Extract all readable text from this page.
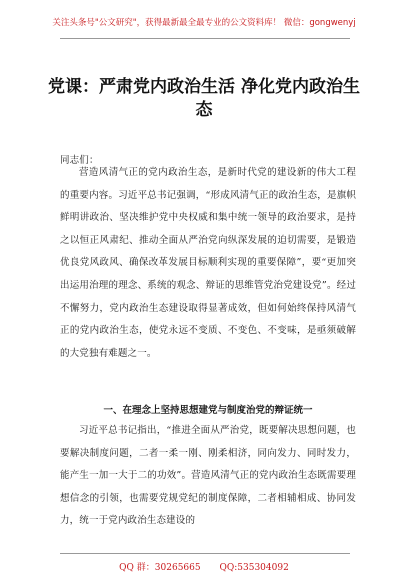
关注头条号"公文研究"，获得最新最全最专业的公文资料库！ 微信：gongwenyj
党课：严肃党内政治生活 净化党内政治生态
同志们：
营造风清气正的党内政治生态，是新时代党的建设新的伟大工程的重要内容。习近平总书记强调，“形成风清气正的政治生态，是旗帜鲜明讲政治、坚决维护党中央权威和集中统一领导的政治要求，是持之以恒正风肃纪、推动全面从严治党向纵深发展的迫切需要，是锻造优良党风政风、确保改革发展目标顺利实现的重要保障”，要“更加突出运用治理的理念、系统的观念、辩证的思维管党治党建设党”。经过不懈努力，党内政治生态建设取得显著成效，但如何始终保持风清气正的党内政治生态，使党永远不变质、不变色、不变味，是亟须破解的大党独有难题之一。
一、在理念上坚持思想建党与制度治党的辩证统一
习近平总书记指出，“推进全面从严治党，既要解决思想问题，也要解决制度问题，二者一柔一刚、刚柔相济，同向发力、同时发力，能产生一加一大于二的功效”。营造风清气正的党内政治生态既需要理想信念的引领，也需要党规党纪的制度保障，二者相辅相成、协同发力，统一于党内政治生态建设的
QQ 群：30265665 QQ:535304092
